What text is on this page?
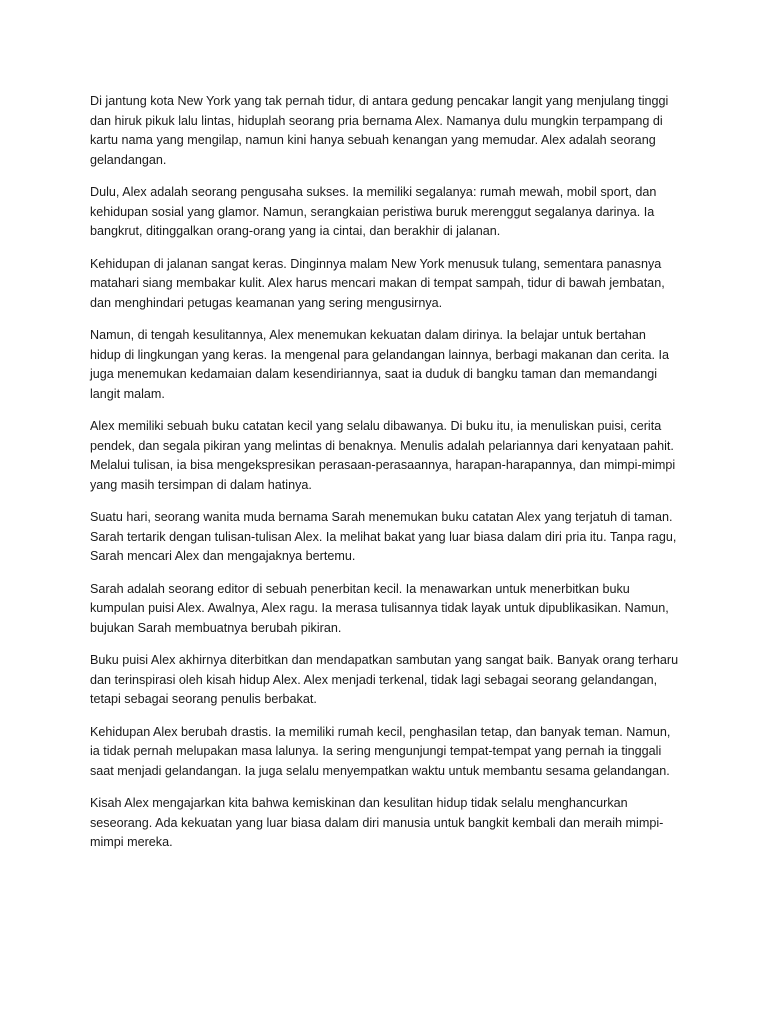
Di jantung kota New York yang tak pernah tidur, di antara gedung pencakar langit yang menjulang tinggi dan hiruk pikuk lalu lintas, hiduplah seorang pria bernama Alex. Namanya dulu mungkin terpampang di kartu nama yang mengilap, namun kini hanya sebuah kenangan yang memudar. Alex adalah seorang gelandangan.

Dulu, Alex adalah seorang pengusaha sukses. Ia memiliki segalanya: rumah mewah, mobil sport, dan kehidupan sosial yang glamor. Namun, serangkaian peristiwa buruk merenggut segalanya darinya. Ia bangkrut, ditinggalkan orang-orang yang ia cintai, dan berakhir di jalanan.

Kehidupan di jalanan sangat keras. Dinginnya malam New York menusuk tulang, sementara panasnya matahari siang membakar kulit. Alex harus mencari makan di tempat sampah, tidur di bawah jembatan, dan menghindari petugas keamanan yang sering mengusirnya.

Namun, di tengah kesulitannya, Alex menemukan kekuatan dalam dirinya. Ia belajar untuk bertahan hidup di lingkungan yang keras. Ia mengenal para gelandangan lainnya, berbagi makanan dan cerita. Ia juga menemukan kedamaian dalam kesendiriannya, saat ia duduk di bangku taman dan memandangi langit malam.

Alex memiliki sebuah buku catatan kecil yang selalu dibawanya. Di buku itu, ia menuliskan puisi, cerita pendek, dan segala pikiran yang melintas di benaknya. Menulis adalah pelariannya dari kenyataan pahit. Melalui tulisan, ia bisa mengekspresikan perasaan-perasaannya, harapan-harapannya, dan mimpi-mimpi yang masih tersimpan di dalam hatinya.

Suatu hari, seorang wanita muda bernama Sarah menemukan buku catatan Alex yang terjatuh di taman. Sarah tertarik dengan tulisan-tulisan Alex. Ia melihat bakat yang luar biasa dalam diri pria itu. Tanpa ragu, Sarah mencari Alex dan mengajaknya bertemu.

Sarah adalah seorang editor di sebuah penerbitan kecil. Ia menawarkan untuk menerbitkan buku kumpulan puisi Alex. Awalnya, Alex ragu. Ia merasa tulisannya tidak layak untuk dipublikasikan. Namun, bujukan Sarah membuatnya berubah pikiran.

Buku puisi Alex akhirnya diterbitkan dan mendapatkan sambutan yang sangat baik. Banyak orang terharu dan terinspirasi oleh kisah hidup Alex. Alex menjadi terkenal, tidak lagi sebagai seorang gelandangan, tetapi sebagai seorang penulis berbakat.

Kehidupan Alex berubah drastis. Ia memiliki rumah kecil, penghasilan tetap, dan banyak teman. Namun, ia tidak pernah melupakan masa lalunya. Ia sering mengunjungi tempat-tempat yang pernah ia tinggali saat menjadi gelandangan. Ia juga selalu menyempatkan waktu untuk membantu sesama gelandangan.

Kisah Alex mengajarkan kita bahwa kemiskinan dan kesulitan hidup tidak selalu menghancurkan seseorang. Ada kekuatan yang luar biasa dalam diri manusia untuk bangkit kembali dan meraih mimpi-mimpi mereka.
